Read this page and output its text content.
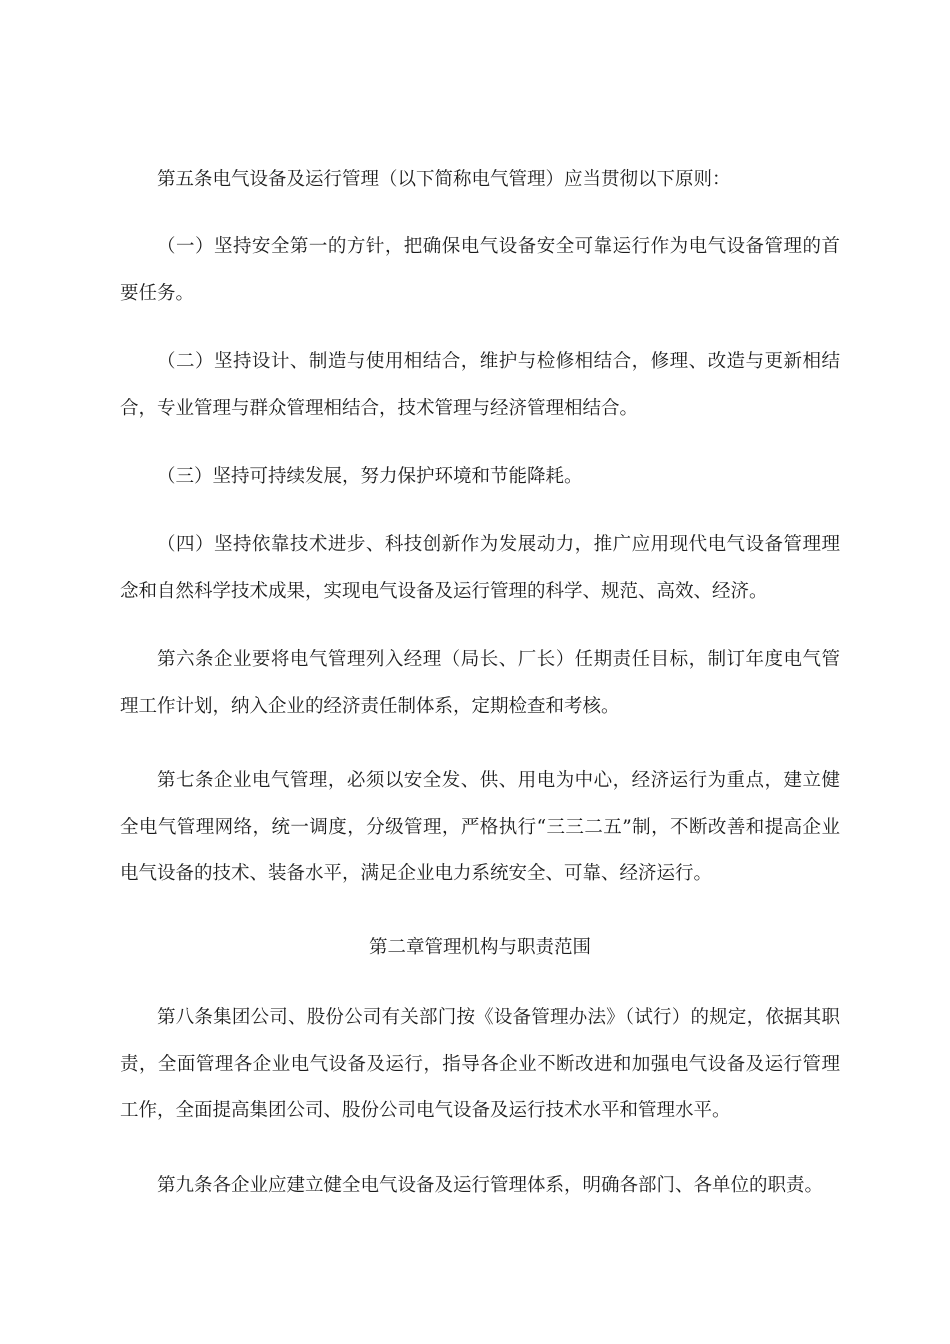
第五条电气设备及运行管理（以下简称电气管理）应当贯彻以下原则：

（一）坚持安全第一的方针，把确保电气设备安全可靠运行作为电气设备管理的首要任务。

（二）坚持设计、制造与使用相结合，维护与检修相结合，修理、改造与更新相结合，专业管理与群众管理相结合，技术管理与经济管理相结合。

（三）坚持可持续发展，努力保护环境和节能降耗。

（四）坚持依靠技术进步、科技创新作为发展动力，推广应用现代电气设备管理理念和自然科学技术成果，实现电气设备及运行管理的科学、规范、高效、经济。

第六条企业要将电气管理列入经理（局长、厂长）任期责任目标，制订年度电气管理工作计划，纳入企业的经济责任制体系，定期检查和考核。

第七条企业电气管理，必须以安全发、供、用电为中心，经济运行为重点，建立健全电气管理网络，统一调度，分级管理，严格执行“三三二五”制，不断改善和提高企业电气设备的技术、装备水平，满足企业电力系统安全、可靠、经济运行。

第二章管理机构与职责范围

第八条集团公司、股份公司有关部门按《设备管理办法》（试行）的规定，依据其职责，全面管理各企业电气设备及运行，指导各企业不断改进和加强电气设备及运行管理工作，全面提高集团公司、股份公司电气设备及运行技术水平和管理水平。

第九条各企业应建立健全电气设备及运行管理体系，明确各部门、各单位的职责。
